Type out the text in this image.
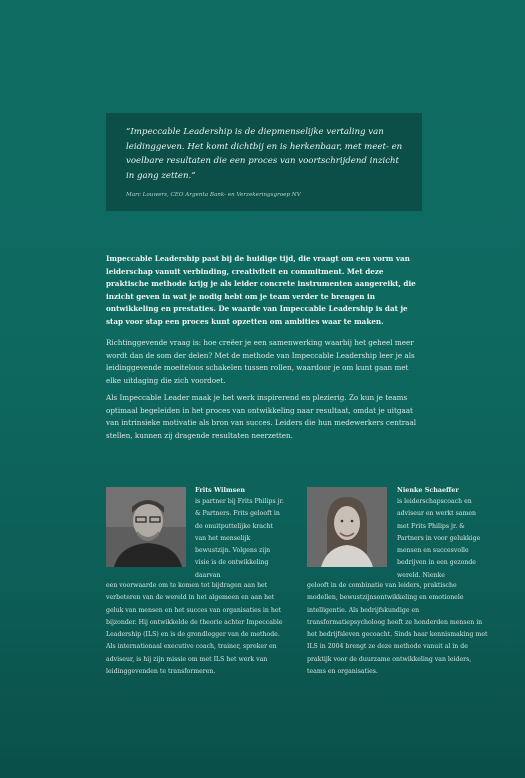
“Impeccable Leadership is de diepmenselijke vertaling van leidinggeven. Het komt dichtbij en is herkenbaar, met meet- en voelbare resultaten die een proces van voortschrijdend inzicht in gang zetten.”

Marc Louwers, CEO Argenta Bank- en Verzekeringsgroep NV

Impeccable Leadership past bij de huidige tijd, die vraagt om een vorm van leiderschap vanuit verbinding, creativiteit en commitment. Met deze praktische methode krijg je als leider concrete instrumenten aangereikt, die inzicht geven in wat je nodig hebt om je team verder te brengen in ontwikkeling en prestaties. De waarde van Impeccable Leadership is dat je stap voor stap een proces kunt opzetten om ambities waar te maken.

Richtinggevende vraag is: hoe creëer je een samenwerking waarbij het geheel meer wordt dan de som der delen? Met de methode van Impeccable Leadership leer je als leidinggevende moeiteloos schakelen tussen rollen, waardoor je om kunt gaan met elke uitdaging die zich voordoet.

Als Impeccable Leader maak je het werk inspirerend en plezierig. Zo kun je teams optimaal begeleiden in het proces van ontwikkeling naar resultaat, omdat je uitgaat van intrinsieke motivatie als bron van succes. Leiders die hun medewerkers centraal stellen, kunnen zij dragende resultaten neerzetten.

Frits Wilmsen

is partner bij Frits Philips jr. & Partners. Frits gelooft in de onuitputtelijke kracht van het menselijk bewustzijn. Volgens zijn visie is de ontwikkeling daarvan

een voorwaarde om te komen tot bijdragen aan het verbeteren van de wereld in het algemeen en aan het geluk van mensen en het succes van organisaties in het bijzonder. Hij ontwikkelde de theorie achter Impeccable Leadership (ILS) en is de grondlegger van de methode. Als internationaal executive coach, trainer, spreker en adviseur, is hij zijn missie om met ILS het werk van leidinggevenden te transformeren.

Nienke Schaeffer

is leiderschapscoach en adviseur en werkt samen met Frits Philips jr. & Partners in voor gelukkige mensen en succesvolle bedrijven in een gezonde wereld. Nienke

gelooft in de combinatie van leiders, praktische modellen, bewustzijnsontwikkeling en emotionele intelligentie. Als bedrijfskundige en transformatiepsycholoog heeft ze honderden mensen in het bedrijfsleven gecoacht. Sinds haar kennismaking met ILS in 2004 brengt ze deze methode vanuit al in de praktijk voor de duurzame ontwikkeling van leiders, teams en organisaties.
